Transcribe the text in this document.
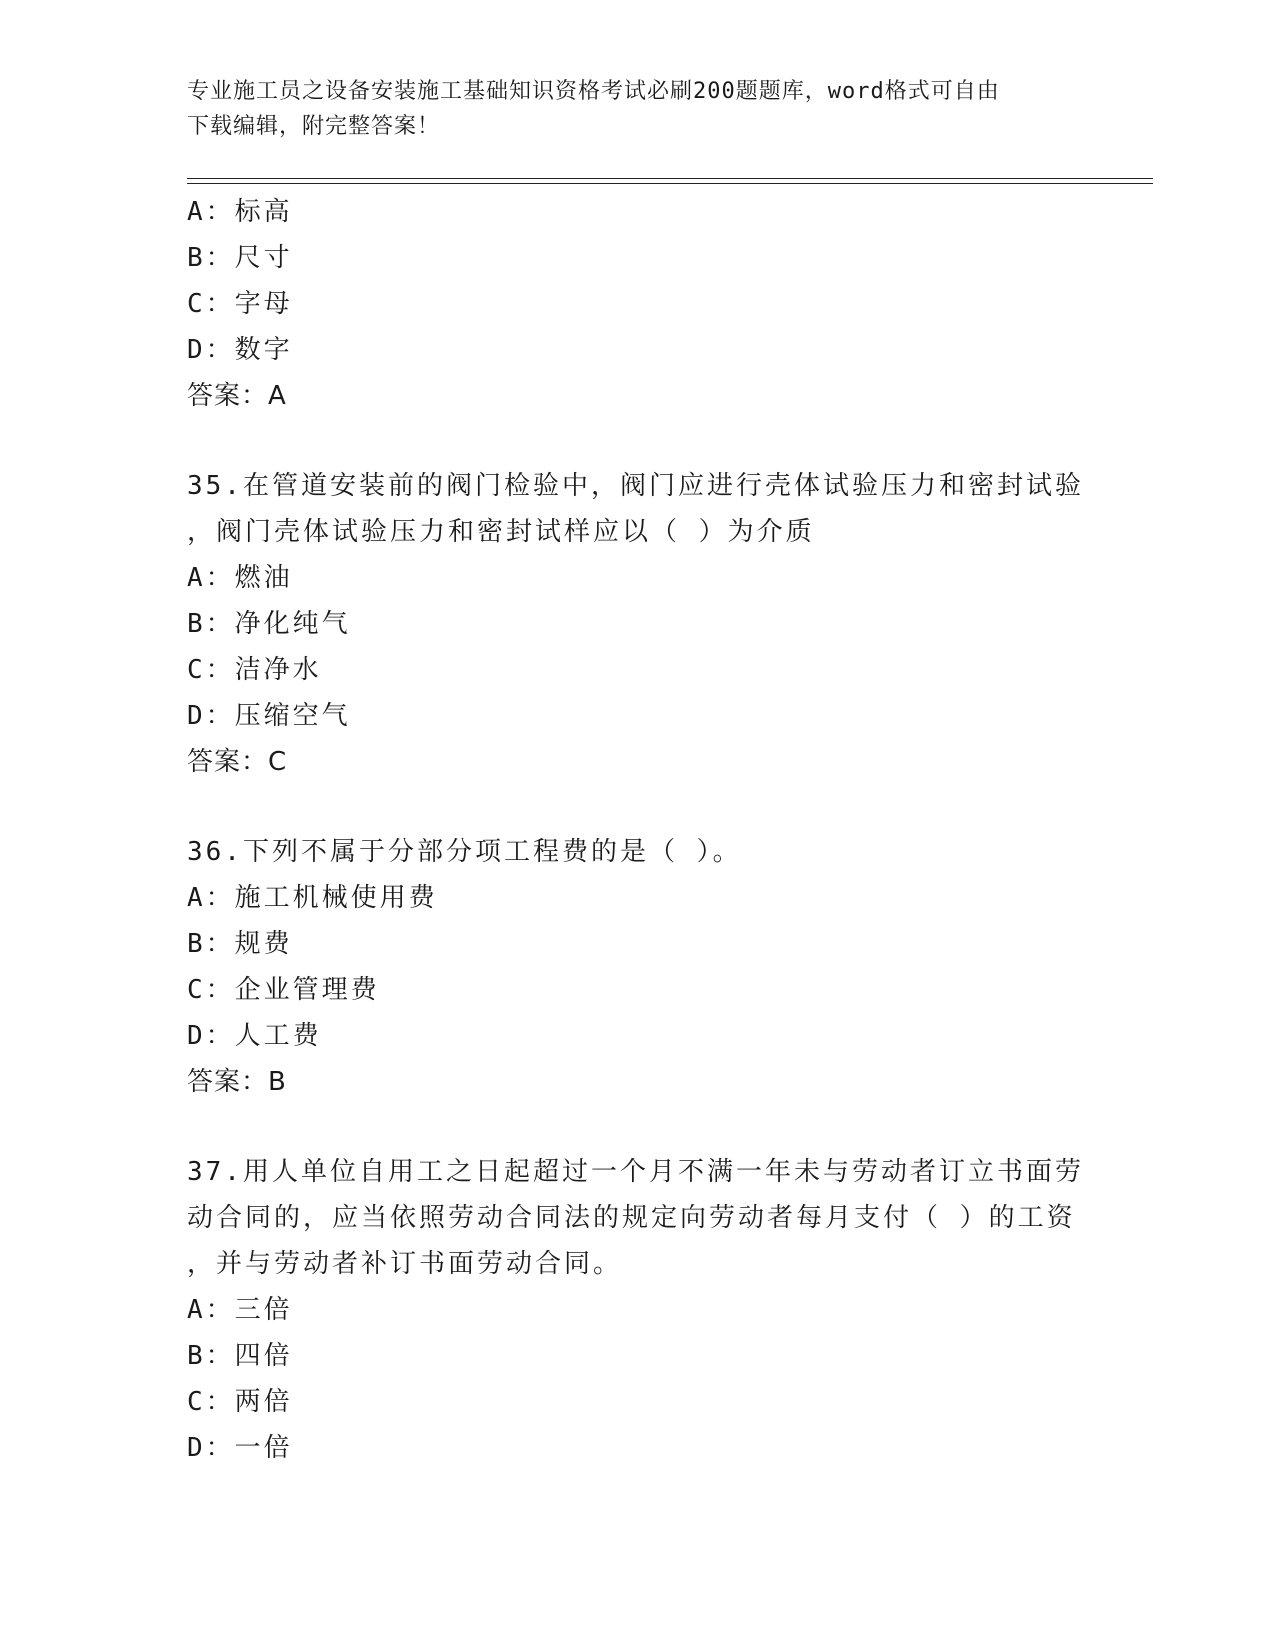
专业施工员之设备安装施工基础知识资格考试必刷200题题库，word格式可自由
下载编辑，附完整答案！
A：标高
B：尺寸
C：字母
D：数字
答案：A
35.在管道安装前的阀门检验中，阀门应进行壳体试验压力和密封试验
，阀门壳体试验压力和密封试样应以（ ）为介质
A：燃油
B：净化纯气
C：洁净水
D：压缩空气
答案：C
36.下列不属于分部分项工程费的是（ ）。
A：施工机械使用费
B：规费
C：企业管理费
D：人工费
答案：B
37.用人单位自用工之日起超过一个月不满一年未与劳动者订立书面劳
动合同的，应当依照劳动合同法的规定向劳动者每月支付（ ）的工资
，并与劳动者补订书面劳动合同。
A：三倍
B：四倍
C：两倍
D：一倍
